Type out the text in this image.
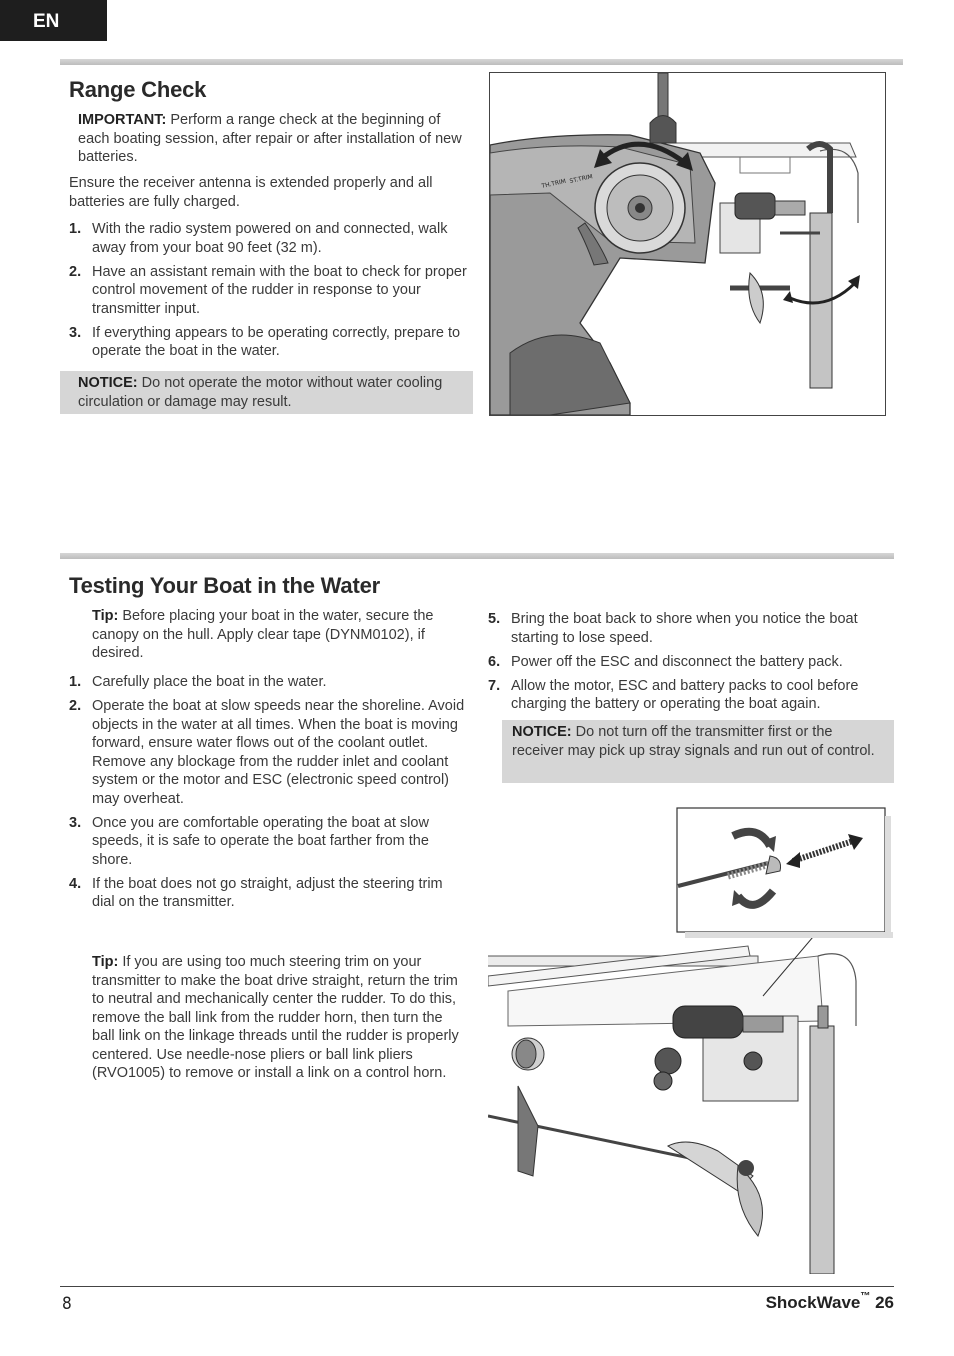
EN
Range Check

IMPORTANT: Perform a range check at the beginning of each boating session, after repair or after installation of new batteries.

Ensure the receiver antenna is extended properly and all batteries are fully charged.

1. With the radio system powered on and connected, walk away from your boat 90 feet (32 m).
2. Have an assistant remain with the boat to check for proper control movement of the rudder in response to your transmitter input.
3. If everything appears to be operating correctly, prepare to operate the boat in the water.
NOTICE: Do not operate the motor without water cooling circulation or damage may result.
TH.TRIM ST.TRIM
Testing Your Boat in the Water

Tip: Before placing your boat in the water, secure the canopy on the hull. Apply clear tape (DYNM0102), if desired.

1. Carefully place the boat in the water.
2. Operate the boat at slow speeds near the shoreline. Avoid objects in the water at all times. When the boat is moving forward, ensure water flows out of the coolant outlet. Remove any blockage from the rudder inlet and coolant system or the motor and ESC (electronic speed control) may overheat.
3. Once you are comfortable operating the boat at slow speeds, it is safe to operate the boat farther from the shore.
4. If the boat does not go straight, adjust the steering trim dial on the transmitter.

Tip: If you are using too much steering trim on your transmitter to make the boat drive straight, return the trim to neutral and mechanically center the rudder. To do this, remove the ball link from the rudder horn, then turn the ball link on the linkage threads until the rudder is properly centered. Use needle-nose pliers or ball link pliers (RVO1005) to remove or install a link on a control horn.

5. Bring the boat back to shore when you notice the boat starting to lose speed.
6. Power off the ESC and disconnect the battery pack.
7. Allow the motor, ESC and battery packs to cool before charging the battery or operating the boat again.
NOTICE: Do not turn off the transmitter first or the receiver may pick up stray signals and run out of control.
8	ShockWave™ 26
